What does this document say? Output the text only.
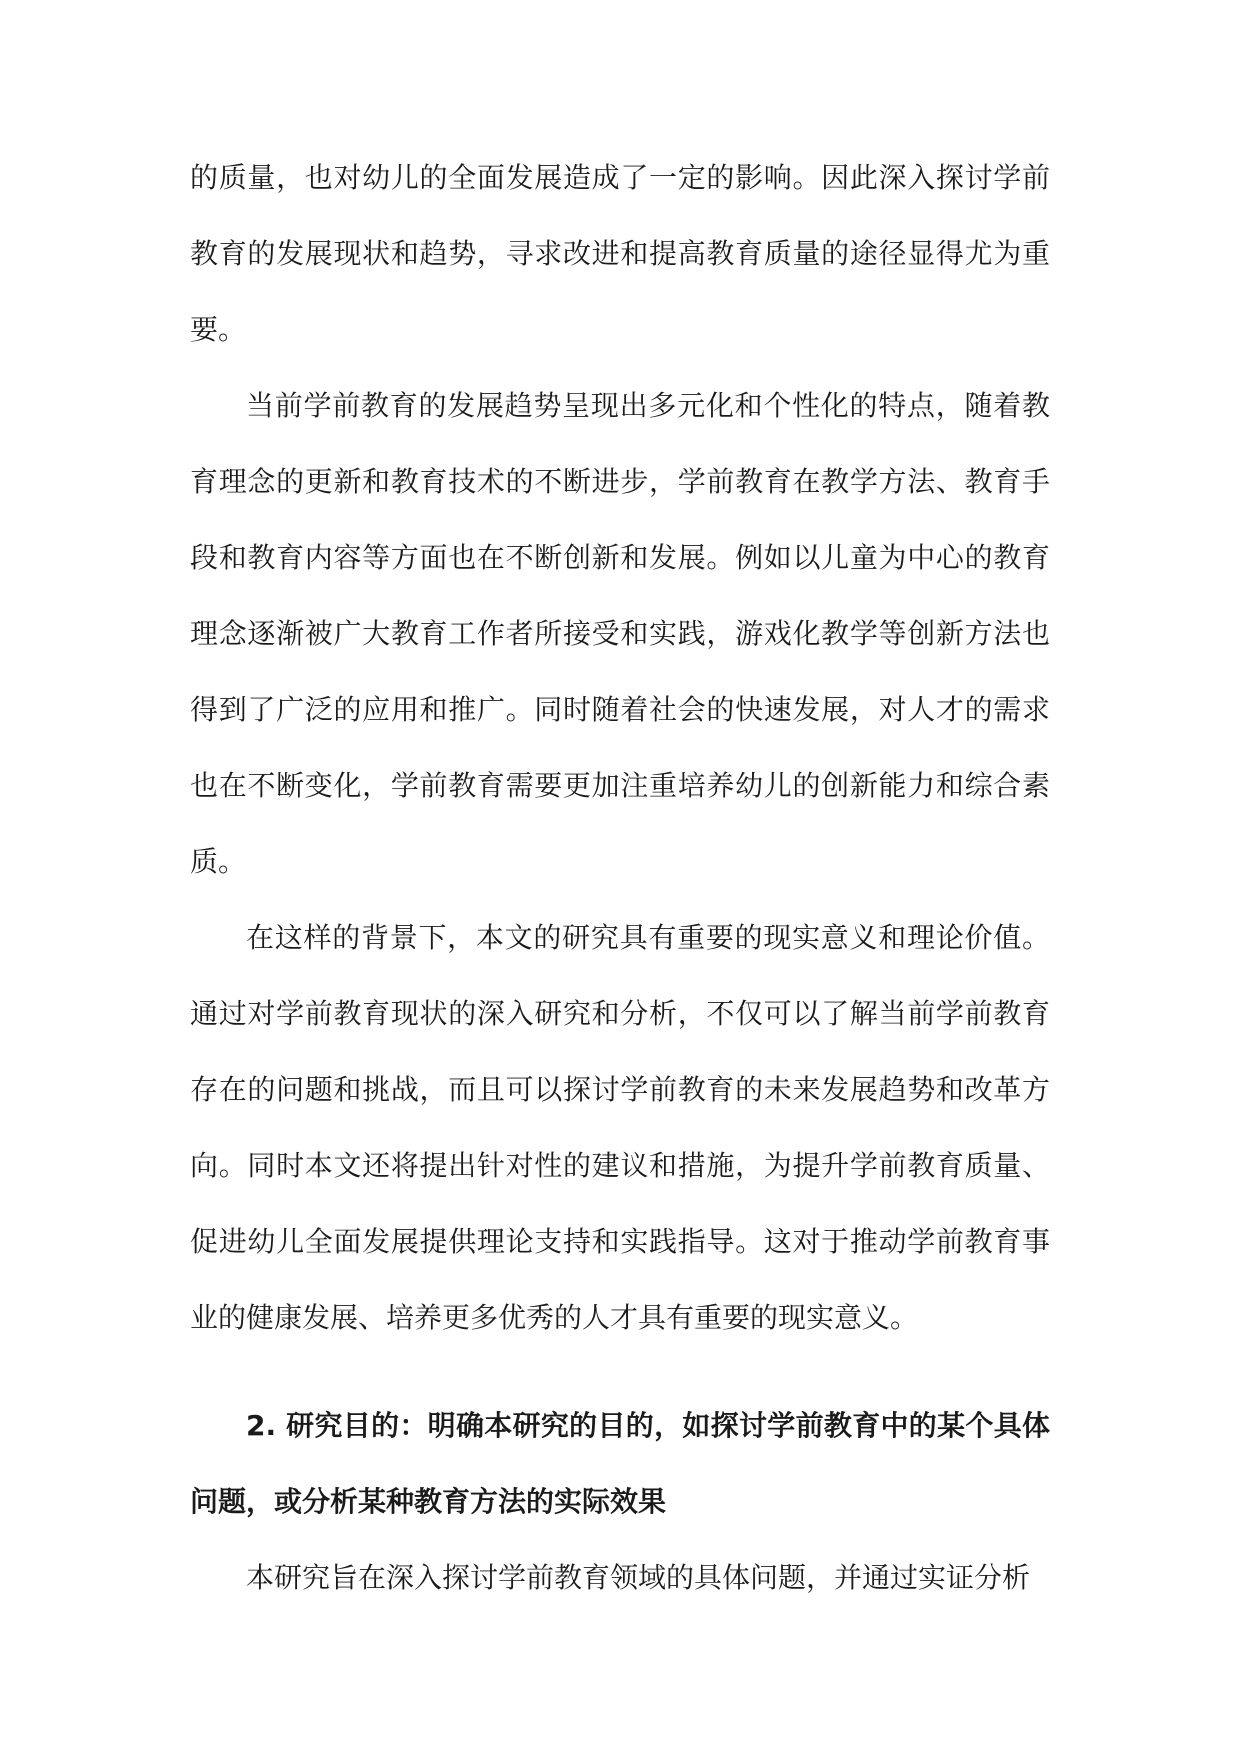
的质量，也对幼儿的全面发展造成了一定的影响。因此深入探讨学前教育的发展现状和趋势，寻求改进和提高教育质量的途径显得尤为重要。

当前学前教育的发展趋势呈现出多元化和个性化的特点，随着教育理念的更新和教育技术的不断进步，学前教育在教学方法、教育手段和教育内容等方面也在不断创新和发展。例如以儿童为中心的教育理念逐渐被广大教育工作者所接受和实践，游戏化教学等创新方法也得到了广泛的应用和推广。同时随着社会的快速发展，对人才的需求也在不断变化，学前教育需要更加注重培养幼儿的创新能力和综合素质。

在这样的背景下，本文的研究具有重要的现实意义和理论价值。通过对学前教育现状的深入研究和分析，不仅可以了解当前学前教育存在的问题和挑战，而且可以探讨学前教育的未来发展趋势和改革方向。同时本文还将提出针对性的建议和措施，为提升学前教育质量、促进幼儿全面发展提供理论支持和实践指导。这对于推动学前教育事业的健康发展、培养更多优秀的人才具有重要的现实意义。

2. 研究目的：明确本研究的目的，如探讨学前教育中的某个具体问题，或分析某种教育方法的实际效果

本研究旨在深入探讨学前教育领域的具体问题，并通过实证分析
